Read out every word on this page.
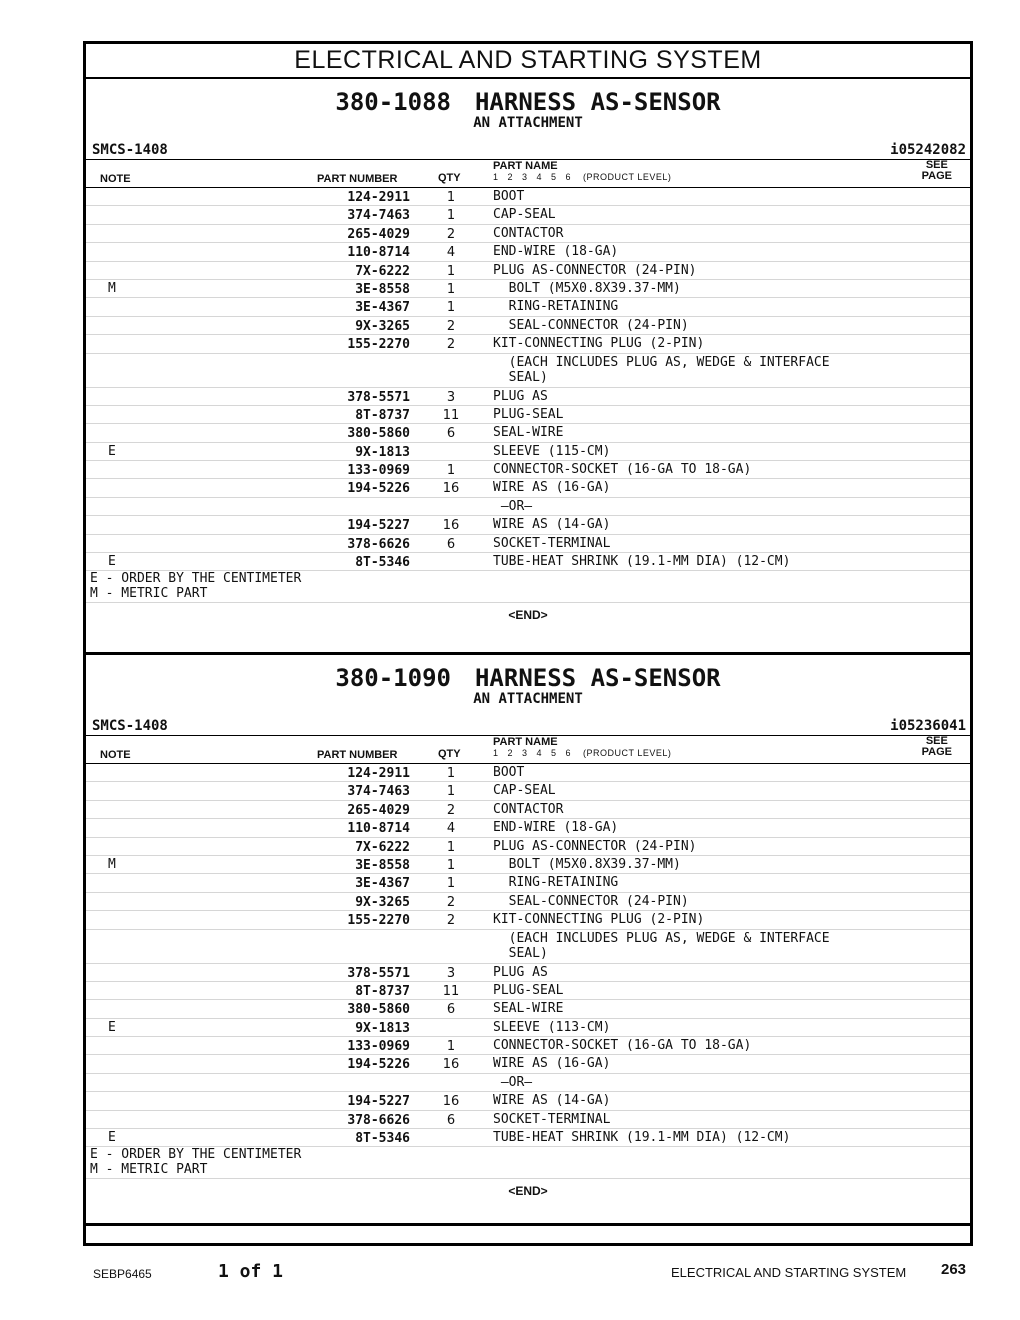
ELECTRICAL AND STARTING SYSTEM
380-1088 HARNESS AS-SENSOR
AN ATTACHMENT
SMCS-1408	i05242082
NOTE	PART NUMBER	QTY
PART NAME
1   2   3   4   5   6    (PRODUCT LEVEL)
SEE
PAGE
124-2911	1	BOOT
374-7463	1	CAP-SEAL
265-4029	2	CONTACTOR
110-8714	4	END-WIRE (18-GA)
7X-6222	1	PLUG AS-CONNECTOR (24-PIN)
M	3E-8558	1	BOLT (M5X0.8X39.37-MM)
3E-4367	1	RING-RETAINING
9X-3265	2	SEAL-CONNECTOR (24-PIN)
155-2270	2	KIT-CONNECTING PLUG (2-PIN)
(EACH INCLUDES PLUG AS, WEDGE & INTERFACE
SEAL)
378-5571	3	PLUG AS
8T-8737	11	PLUG-SEAL
380-5860	6	SEAL-WIRE
E	9X-1813	SLEEVE (115-CM)
133-0969	1	CONNECTOR-SOCKET (16-GA TO 18-GA)
194-5226	16	WIRE AS (16-GA)
—OR—
194-5227	16	WIRE AS (14-GA)
378-6626	6	SOCKET-TERMINAL
E	8T-5346	TUBE-HEAT SHRINK (19.1-MM DIA) (12-CM)
E - ORDER BY THE CENTIMETER
M - METRIC PART
<END>
380-1090 HARNESS AS-SENSOR
AN ATTACHMENT
SMCS-1408	i05236041
NOTE	PART NUMBER	QTY
PART NAME
1   2   3   4   5   6    (PRODUCT LEVEL)
SEE
PAGE
124-2911	1	BOOT
374-7463	1	CAP-SEAL
265-4029	2	CONTACTOR
110-8714	4	END-WIRE (18-GA)
7X-6222	1	PLUG AS-CONNECTOR (24-PIN)
M	3E-8558	1	BOLT (M5X0.8X39.37-MM)
3E-4367	1	RING-RETAINING
9X-3265	2	SEAL-CONNECTOR (24-PIN)
155-2270	2	KIT-CONNECTING PLUG (2-PIN)
(EACH INCLUDES PLUG AS, WEDGE & INTERFACE
SEAL)
378-5571	3	PLUG AS
8T-8737	11	PLUG-SEAL
380-5860	6	SEAL-WIRE
E	9X-1813	SLEEVE (113-CM)
133-0969	1	CONNECTOR-SOCKET (16-GA TO 18-GA)
194-5226	16	WIRE AS (16-GA)
—OR—
194-5227	16	WIRE AS (14-GA)
378-6626	6	SOCKET-TERMINAL
E	8T-5346	TUBE-HEAT SHRINK (19.1-MM DIA) (12-CM)
E - ORDER BY THE CENTIMETER
M - METRIC PART
<END>
SEBP6465	1 of 1	ELECTRICAL AND STARTING SYSTEM 263
